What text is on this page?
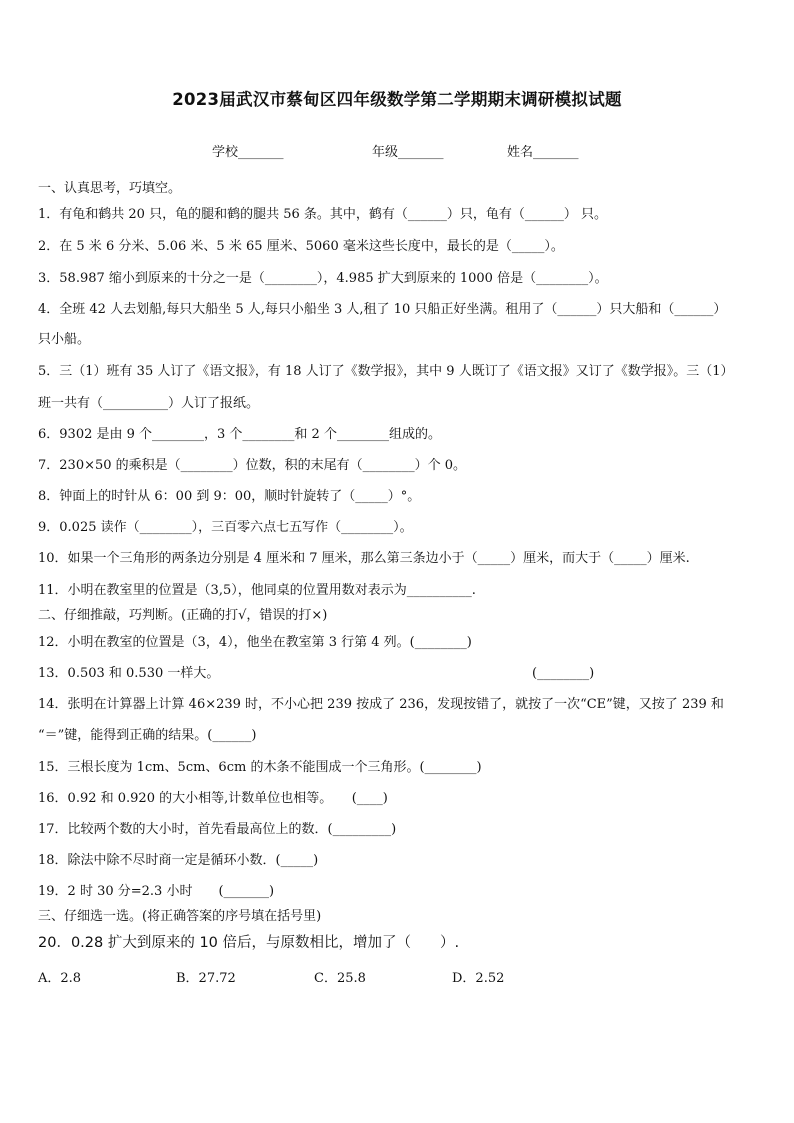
2023届武汉市蔡甸区四年级数学第二学期期末调研模拟试题
学校_______	年级_______	姓名_______
一、认真思考，巧填空。
1．有龟和鹤共 20 只，龟的腿和鹤的腿共 56 条。其中，鹤有（______）只，龟有（______） 只。
2．在 5 米 6 分米、5.06 米、5 米 65 厘米、5060 毫米这些长度中，最长的是（_____）。
3．58.987 缩小到原来的十分之一是（________），4.985 扩大到原来的 1000 倍是（________）。
4．全班 42 人去划船,每只大船坐 5 人,每只小船坐 3 人,租了 10 只船正好坐满。租用了（______）只大船和（______）
只小船。
5．三（1）班有 35 人订了《语文报》，有 18 人订了《数学报》，其中 9 人既订了《语文报》又订了《数学报》。三（1）
班一共有（__________）人订了报纸。
6．9302 是由 9 个________，3 个________和 2 个________组成的。
7．230×50 的乘积是（________）位数，积的末尾有（________）个 0。
8．钟面上的时针从 6：00 到 9：00，顺时针旋转了（_____）°。
9．0.025 读作（________），三百零六点七五写作（________）。
10．如果一个三角形的两条边分别是 4 厘米和 7 厘米，那么第三条边小于（_____）厘米，而大于（_____）厘米.
11．小明在教室里的位置是（3,5），他同桌的位置用数对表示为__________.
二、仔细推敲，巧判断。(正确的打√，错误的打×)
12．小明在教室的位置是（3，4），他坐在教室第 3 行第 4 列。(________)
13．0.503 和 0.530 一样大。	(________)
14．张明在计算器上计算 46×239 时，不小心把 239 按成了 236，发现按错了，就按了一次“CE”键，又按了 239 和
“＝”键，能得到正确的结果。(______)
15．三根长度为 1cm、5cm、6cm 的木条不能围成一个三角形。(________)
16．0.92 和 0.920 的大小相等,计数单位也相等。　　(____)
17．比较两个数的大小时，首先看最高位上的数．(_________)
18．除法中除不尽时商一定是循环小数．(_____)
19．2 时 30 分=2.3 小时　　(_______)
三、仔细选一选。(将正确答案的序号填在括号里)
20．0.28 扩大到原来的 10 倍后，与原数相比，增加了（　　）.
A．2.8	B．27.72	C．25.8	D．2.52
